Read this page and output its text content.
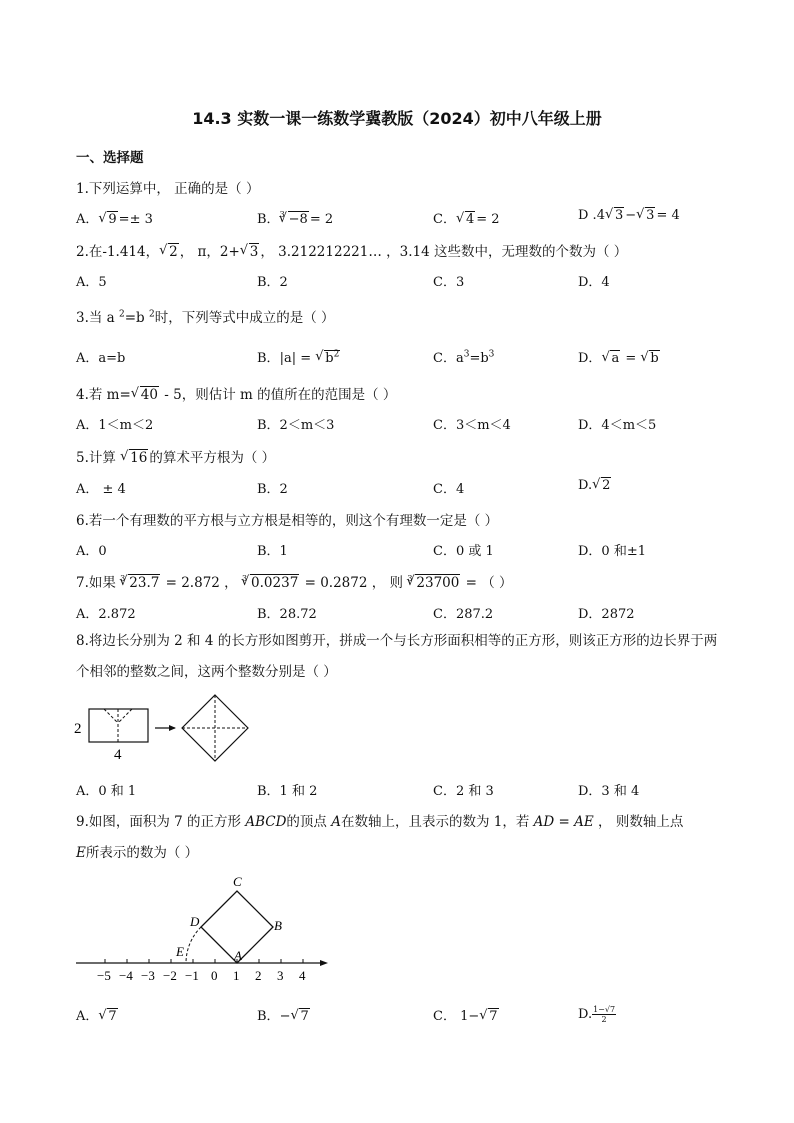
14.3 实数一课一练数学冀教版（2024）初中八年级上册
一、选择题
1.下列运算中， 正确的是（ ）
A． √ 9 =± 3	B．$^3$ √ −8 = 2	C． √ 4 = 2	D .4 √ 3 − √ 3 = 4
2.在-1.414， √ 2 ， π，2+ √ 3 ， 3.212212221… ，3.14 这些数中，无理数的个数为（ ）
A．5	B．2	C．3	D．4
3.当 a $^2$=b $^2$时，下列等式中成立的是（ ）
A．a=b	B．|a| = √ $b^2$	C．$a^3=b^3$	D． √ a = √ b
4.若 m= √ 40 - 5，则估计 m 的值所在的范围是（ ）
A．1＜m＜2	B．2＜m＜3	C．3＜m＜4	D．4＜m＜5
5.计算 √ 16 的算术平方根为（ ）
A． ± 4	B．2	C．4	D. √ 2
6.若一个有理数的平方根与立方根是相等的，则这个有理数一定是（ ）
A．0	B．1	C．0 或 1	D．0 和±1
7.如果 $^3$ √ 23.7 = 2.872 ， $^3$ √ 0.0237 = 0.2872 ， 则 $^3$ √ 23700 = （ ）
A．2.872	B．28.72	C．287.2	D．2872
8.将边长分别为 2 和 4 的长方形如图剪开，拼成一个与长方形面积相等的正方形，则该正方形的边长界于两个相邻的整数之间，这两个整数分别是（ ）
2
4
A．0 和 1	B．1 和 2	C．2 和 3	D．3 和 4
9.如图，面积为 7 的正方形 ABCD的顶点 A在数轴上，且表示的数为 1，若 AD = AE ， 则数轴上点
E所表示的数为（ ）
−5 −4 −3 −2 −1 0 1 2 3 4
C
D	B
E	A
A． √ 7	B．− √ 7	C． 1− √ 7	D. $\frac{1-√7}{2}$
